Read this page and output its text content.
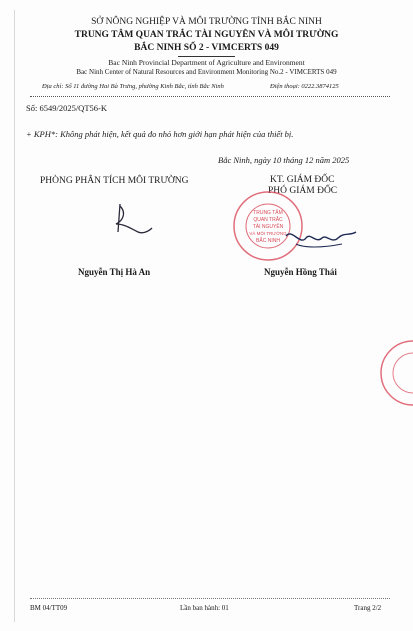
SỞ NÔNG NGHIỆP VÀ MÔI TRƯỜNG TỈNH BẮC NINH
TRUNG TÂM QUAN TRẮC TÀI NGUYÊN VÀ MÔI TRƯỜNG
BẮC NINH SỐ 2 - VIMCERTS 049
Bac Ninh Provincial Department of Agriculture and Environment
Bac Ninh Center of Natural Resources and Environment Monitoring No.2 - VIMCERTS 049
Địa chỉ: Số 11 đường Hai Bà Trưng, phường Kinh Bắc, tỉnh Bắc Ninh	Điện thoại: 0222.3874125
Số: 6549/2025/QT56-K
+ KPH*: Không phát hiện, kết quả đo nhỏ hơn giới hạn phát hiện của thiết bị.
Bắc Ninh, ngày 10 tháng 12 năm 2025
PHÒNG PHÂN TÍCH MÔI TRƯỜNG	KT. GIÁM ĐỐC
PHÓ GIÁM ĐỐC
TRUNG TÂM
QUAN TRẮC
TÀI NGUYÊN
VÀ MÔI TRƯỜNG
BẮC NINH
Nguyễn Thị Hà An	Nguyễn Hồng Thái
BM 04/TT09	Lần ban hành: 01	Trang 2/2
